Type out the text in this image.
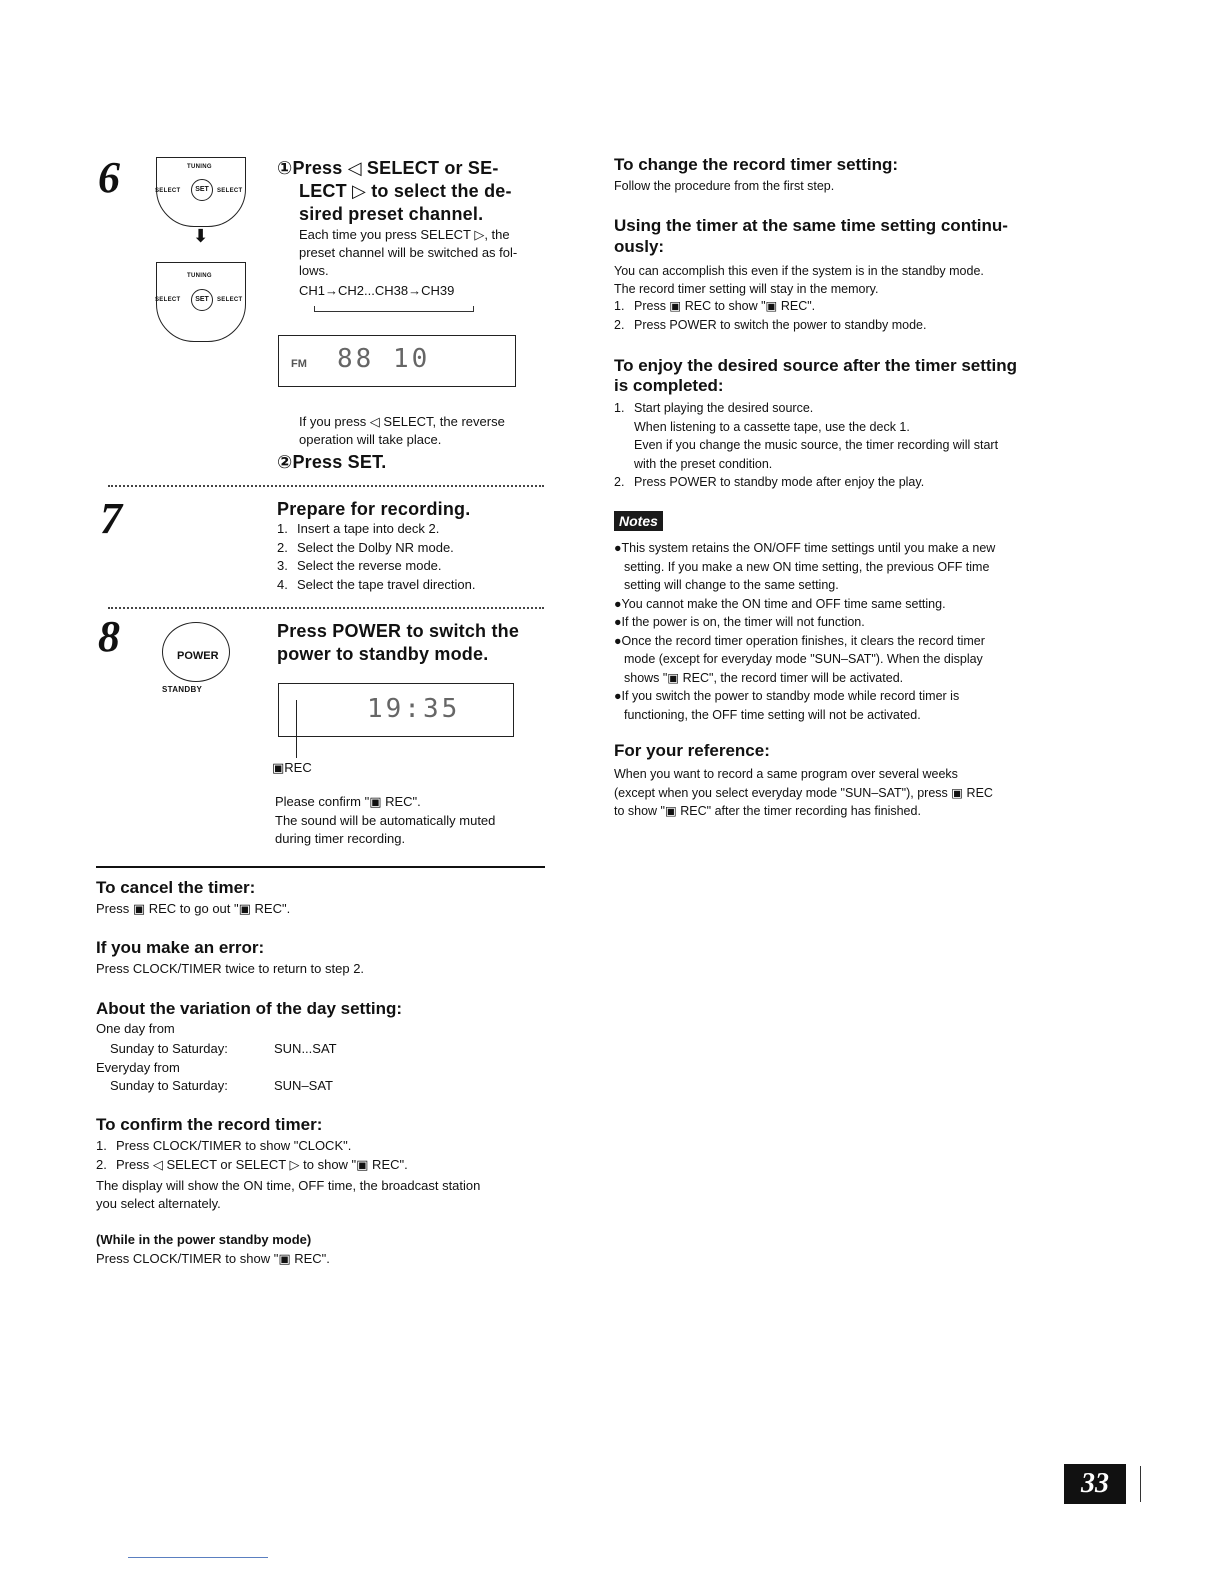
6	TUNING
SELECT	SET	SELECT
⬇
TUNING
SELECT	SET	SELECT
①Press ◁ SELECT or SE-
LECT ▷ to select the de-
sired preset channel.
Each time you press SELECT ▷, the
preset channel will be switched as fol-
lows.
CH1→CH2...CH38→CH39
FM 88 10
If you press ◁ SELECT, the reverse
operation will take place.
②Press SET.
7	Prepare for recording.
1. Insert a tape into deck 2.
2. Select the Dolby NR mode.
3. Select the reverse mode.
4. Select the tape travel direction.
8	POWER
STANDBY
Press POWER to switch the
power to standby mode.
19:35
▣REC
Please confirm "▣ REC".
The sound will be automatically muted
during timer recording.
To cancel the timer:
Press ▣ REC to go out "▣ REC".
If you make an error:
Press CLOCK/TIMER twice to return to step 2.
About the variation of the day setting:
One day from
Sunday to Saturday:	SUN...SAT
Everyday from
Sunday to Saturday:	SUN–SAT
To confirm the record timer:
1. Press CLOCK/TIMER to show "CLOCK".
2. Press ◁ SELECT or SELECT ▷ to show "▣ REC".
The display will show the ON time, OFF time, the broadcast station
you select alternately.
(While in the power standby mode)
Press CLOCK/TIMER to show "▣ REC".
To change the record timer setting:
Follow the procedure from the first step.
Using the timer at the same time setting continu-
ously:
You can accomplish this even if the system is in the standby mode.
The record timer setting will stay in the memory.
1. Press ▣ REC to show "▣ REC".
2. Press POWER to switch the power to standby mode.
To enjoy the desired source after the timer setting
is completed:
1. Start playing the desired source.
When listening to a cassette tape, use the deck 1.
Even if you change the music source, the timer recording will start
with the preset condition.
2. Press POWER to standby mode after enjoy the play.
Notes
●This system retains the ON/OFF time settings until you make a new
setting. If you make a new ON time setting, the previous OFF time
setting will change to the same setting.
●You cannot make the ON time and OFF time same setting.
●If the power is on, the timer will not function.
●Once the record timer operation finishes, it clears the record timer
mode (except for everyday mode "SUN–SAT"). When the display
shows "▣ REC", the record timer will be activated.
●If you switch the power to standby mode while record timer is
functioning, the OFF time setting will not be activated.
For your reference:
When you want to record a same program over several weeks
(except when you select everyday mode "SUN–SAT"), press ▣ REC
to show "▣ REC" after the timer recording has finished.
33
